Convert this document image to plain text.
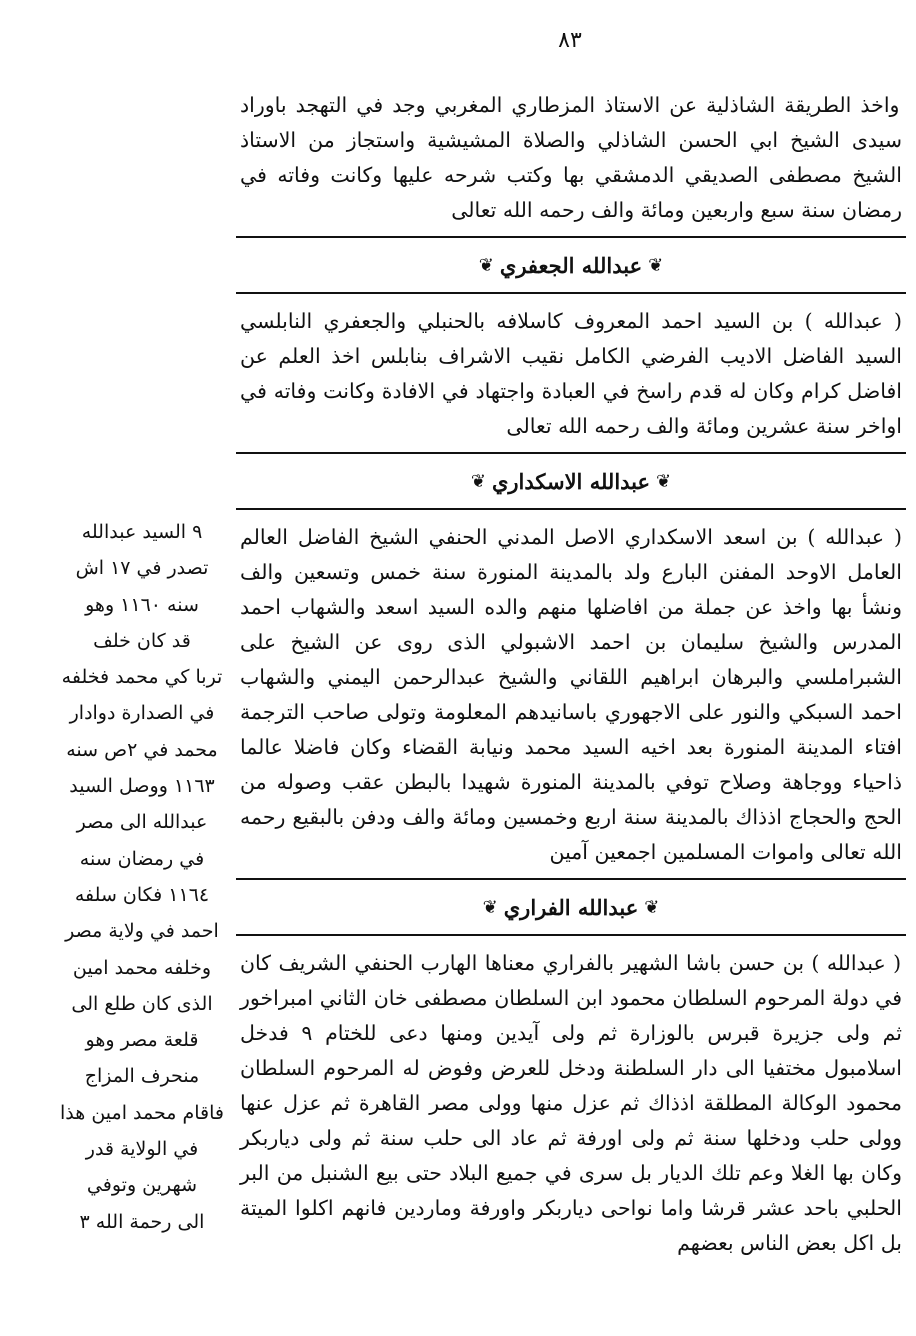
٨٣

واخذ الطريقة الشاذلية عن الاستاذ المزطاري المغربي وجد في التهجد باوراد سيدى الشيخ ابي الحسن الشاذلي والصلاة المشيشية واستجاز من الاستاذ الشيخ مصطفى الصديقي الدمشقي بها وكتب شرحه عليها وكانت وفاته في رمضان سنة سبع واربعين ومائة والف رحمه الله تعالى

❦
عبدالله الجعفري
❦

( عبدالله ) بن السيد احمد المعروف كاسلافه بالحنبلي والجعفري النابلسي السيد الفاضل الاديب الفرضي الكامل نقيب الاشراف بنابلس اخذ العلم عن افاضل كرام وكان له قدم راسخ في العبادة واجتهاد في الافادة وكانت وفاته في اواخر سنة عشرين ومائة والف رحمه الله تعالى

❦
عبدالله الاسكداري
❦

( عبدالله ) بن اسعد الاسكداري الاصل المدني الحنفي الشيخ الفاضل العالم العامل الاوحد المفنن البارع ولد بالمدينة المنورة سنة خمس وتسعين والف ونشأ بها واخذ عن جملة من افاضلها منهم والده السيد اسعد والشهاب احمد المدرس والشيخ سليمان بن احمد الاشبولي الذى روى عن الشيخ على الشبراملسي والبرهان ابراهيم اللقاني والشيخ عبدالرحمن اليمني والشهاب احمد السبكي والنور على الاجهوري باسانيدهم المعلومة وتولى صاحب الترجمة افتاء المدينة المنورة بعد اخيه السيد محمد ونيابة القضاء وكان فاضلا عالما ذاحياء ووجاهة وصلاح توفي بالمدينة المنورة شهيدا بالبطن عقب وصوله من الحج والحجاج اذذاك بالمدينة سنة اربع وخمسين ومائة والف ودفن بالبقيع رحمه الله تعالى واموات المسلمين اجمعين آمين

❦
عبدالله الفراري
❦

( عبدالله ) بن حسن باشا الشهير بالفراري معناها الهارب الحنفي الشريف كان في دولة المرحوم السلطان محمود ابن السلطان مصطفى خان الثاني امبراخور ثم ولى جزيرة قبرس بالوزارة ثم ولى آيدين ومنها دعى للختام ٩ فدخل اسلامبول مختفيا الى دار السلطنة ودخل للعرض وفوض له المرحوم السلطان محمود الوكالة المطلقة اذذاك ثم عزل منها وولى مصر القاهرة ثم عزل عنها وولى حلب ودخلها سنة ثم ولى اورفة ثم عاد الى حلب سنة ثم ولى دياربكر وكان بها الغلا وعم تلك الديار بل سرى في جميع البلاد حتى بيع الشنبل من البر الحلبي باحد عشر قرشا واما نواحى دياربكر واورفة وماردين فانهم اكلوا الميتة بل اكل بعض الناس بعضهم

٩ السيد عبدالله
تصدر في ١٧ اش
سنه ١١٦٠ وهو
قد كان خلف
تربا كي محمد فخلفه
في الصدارة دوادار
محمد في ٢ص سنه
١١٦٣ ووصل السيد
عبدالله الى مصر
في رمضان سنه
١١٦٤ فكان سلفه
احمد في ولاية مصر
وخلفه محمد امين
الذى كان طلع الى
قلعة مصر وهو
منحرف المزاج
فاقام محمد امين هذا
في الولاية قدر
شهرين وتوفي
الى رحمة الله ٣
